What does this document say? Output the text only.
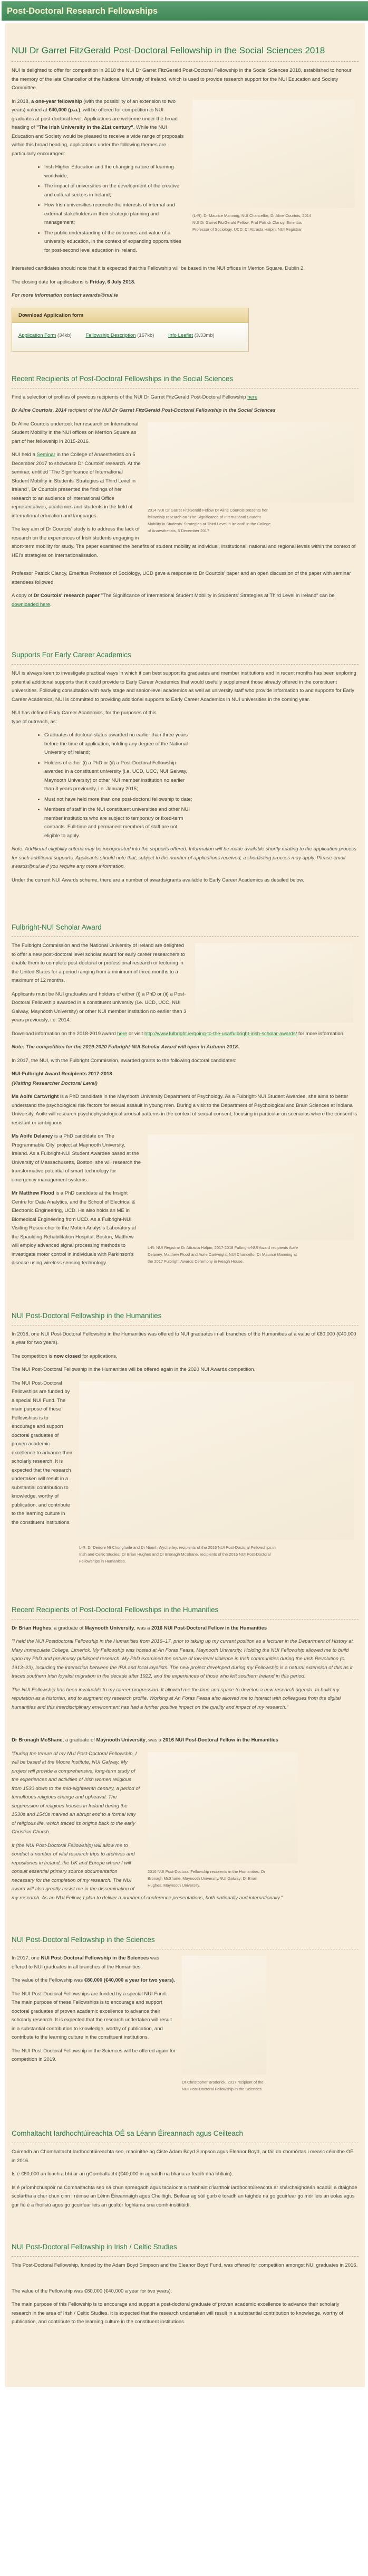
Post-Doctoral Research Fellowships
NUI Dr Garret FitzGerald Post-Doctoral Fellowship in the Social Sciences 2018

NUI is delighted to offer for competition in 2018 the NUI Dr Garret FitzGerald Post-Doctoral Fellowship in the Social Sciences 2018, established to honour the memory of the late Chancellor of the National University of Ireland, which is used to provide research support for the NUI Education and Society Committee.

(L-R): Dr Maurice Manning, NUI Chancellor; Dr Aline Courtois, 2014 NUI Dr Garret FitzGerald Fellow; Prof Patrick Clancy, Emeritus Professor of Sociology, UCD; Dr Attracta Halpin, NUI Registrar

In 2018, a one-year fellowship (with the possibility of an extension to two years) valued at €40,000 (p.a.), will be offered for competition to NUI graduates at post-doctoral level. Applications are welcome under the broad heading of "The Irish University in the 21st century". While the NUI Education and Society would be pleased to receive a wide range of proposals within this broad heading, applications under the following themes are particularly encouraged:

• Irish Higher Education and the changing nature of learning worldwide;
• The impact of universities on the development of the creative and cultural sectors in Ireland;
• How Irish universities reconcile the interests of internal and external stakeholders in their strategic planning and management;
• The public understanding of the outcomes and value of a university education, in the context of expanding opportunities for post-second level education in Ireland.

Interested candidates should note that it is expected that this Fellowship will be based in the NUI offices in Merrion Square, Dublin 2.

The closing date for applications is Friday, 6 July 2018.

For more information contact awards@nui.ie

Download Application form
Application Form (34kb)	Fellowship Description (167kb)	Info Leaflet (3.33mb)
Recent Recipients of Post-Doctoral Fellowships in the Social Sciences

Find a selection of profiles of previous recipients of the NUI Dr Garret FitzGerald Post-Doctoral Fellowship here

Dr Aline Courtois, 2014 recipient of the NUI Dr Garret FitzGerald Post-Doctoral Fellowship in the Social Sciences

2014 NUI Dr Garret FitzGerald Fellow Dr Aline Courtois presents her fellowship research on "The Significance of International Student Mobility in Students' Strategies at Third Level in Ireland" in the College of Anaesthetists, 5 December 2017

Dr Aline Courtois undertook her research on International Student Mobility in the NUI offices on Merrion Square as part of her fellowship in 2015-2016.

NUI held a Seminar in the College of Anaesthetists on 5 December 2017 to showcase Dr Courtois' research. At the seminar, entitled "The Significance of International Student Mobility in Students' Strategies at Third Level in Ireland", Dr Courtois presented the findings of her research to an audience of International Office representatives, academics and students in the field of international education and languages.

The key aim of Dr Courtois' study is to address the lack of research on the experiences of Irish students engaging in short-term mobility for study. The paper examined the benefits of student mobility at individual, institutional, national and regional levels within the context of HEI's strategies on internationalisation.

Professor Patrick Clancy, Emeritus Professor of Sociology, UCD gave a response to Dr Courtois' paper and an open discussion of the paper with seminar attendees followed.

A copy of Dr Courtois' research paper "The Significance of International Student Mobility in Students' Strategies at Third Level in Ireland" can be downloaded here.

Supports For Early Career Academics

NUI is always keen to investigate practical ways in which it can best support its graduates and member institutions and in recent months has been exploring potential additional supports that it could provide to Early Career Academics that would usefully supplement those already offered in the constituent universities. Following consultation with early stage and senior-level academics as well as university staff who provide information to and supports for Early Career Academics, NUI is committed to providing additional supports to Early Career Academics in NUI universities in the coming year.

NUI has defined Early Career Academics, for the purposes of this type of outreach, as:

• Graduates of doctoral status awarded no earlier than three years before the time of application, holding any degree of the National University of Ireland;
• Holders of either (i) a PhD or (ii) a Post-Doctoral Fellowship awarded in a constituent university (i.e. UCD, UCC, NUI Galway, Maynooth University) or other NUI member institution no earlier than 3 years previously, i.e. January 2015;
• Must not have held more than one post-doctoral fellowship to date;
• Members of staff in the NUI constituent universities and other NUI member institutions who are subject to temporary or fixed-term contracts. Full-time and permanent members of staff are not eligible to apply.

Note: Additional eligibility criteria may be incorporated into the supports offered. Information will be made available shortly relating to the application process for such additional supports. Applicants should note that, subject to the number of applications received, a shortlisting process may apply. Please email awards@nui.ie if you require any more information.

Under the current NUI Awards scheme, there are a number of awards/grants available to Early Career Academics as detailed below.

Fulbright-NUI Scholar Award

The Fulbright Commission and the National University of Ireland are delighted to offer a new post-doctoral level scholar award for early career researchers to enable them to complete post-doctoral or professional research or lecturing in the United States for a period ranging from a minimum of three months to a maximum of 12 months.

Applicants must be NUI graduates and holders of either (i) a PhD or (ii) a Post-Doctoral Fellowship awarded in a constituent university (i.e. UCD, UCC, NUI Galway, Maynooth University) or other NUI member institution no earlier than 3 years previously, i.e. 2014.

Download information on the 2018-2019 award here or visit http://www.fulbright.ie/going-to-the-usa/fulbright-irish-scholar-awards/ for more information.

Note: The competition for the 2019-2020 Fulbright-NUI Scholar Award will open in Autumn 2018.

In 2017, the NUI, with the Fulbright Commission, awarded grants to the following doctoral candidates:

NUI-Fulbright Award Recipients 2017-2018

(Visiting Researcher Doctoral Level)

Ms Aoife Cartwright is a PhD candidate in the Maynooth University Department of Psychology. As a Fulbright-NUI Student Awardee, she aims to better understand the psychological risk factors for sexual assault in young men. During a visit to the Department of Psychological and Brain Sciences at Indiana University, Aoife will research psychophysiological arousal patterns in the context of sexual consent, focusing in particular on scenarios where the consent is resistant or ambiguous.

L-R: NUI Registrar Dr Attracta Halpin; 2017-2018 Fulbright-NUI Award recipients Aoife Delaney, Matthew Flood and Aoife Cartwright; NUI Chancellor Dr Maurice Manning at the 2017 Fulbright Awards Ceremony in Iveagh House.

Ms Aoife Delaney is a PhD candidate on 'The Programmable City' project at Maynooth University, Ireland. As a Fulbright-NUI Student Awardee based at the University of Massachusetts, Boston, she will research the transformative potential of smart technology for emergency management systems.

Mr Matthew Flood is a PhD candidate at the Insight Centre for Data Analytics, and the School of Electrical & Electronic Engineering, UCD. He also holds an ME in Biomedical Engineering from UCD. As a Fulbright-NUI Visiting Researcher to the Motion Analysis Laboratory at the Spaulding Rehabilitation Hospital, Boston, Matthew will employ advanced signal processing methods to investigate motor control in individuals with Parkinson's disease using wireless sensing technology.

NUI Post-Doctoral Fellowship in the Humanities

In 2018, one NUI Post-Doctoral Fellowship in the Humanities was offered to NUI graduates in all branches of the Humanities at a value of €80,000 (€40,000 a year for two years).

The competition is now closed for applications.

The NUI Post-Doctoral Fellowship in the Humanities will be offered again in the 2020 NUI Awards competition.

L-R: Dr Deirdre Ní Chonghaile and Dr Niamh Wycherley, recipients of the 2016 NUI Post-Doctoral Fellowships in Irish and Celtic Studies; Dr Brian Hughes and Dr Bronagh McShane, recipients of the 2016 NUI Post-Doctoral Fellowships in Humanities.

The NUI Post-Doctoral Fellowships are funded by a special NUI Fund. The main purpose of these Fellowships is to encourage and support doctoral graduates of proven academic excellence to advance their scholarly research. It is expected that the research undertaken will result in a substantial contribution to knowledge, worthy of publication, and contribute to the learning culture in the constituent institutions.

Recent Recipients of Post-Doctoral Fellowships in the Humanities

Dr Brian Hughes, a graduate of Maynooth University, was a 2016 NUI Post-Doctoral Fellow in the Humanities

"I held the NUI Postdoctoral Fellowship in the Humanities from 2016–17, prior to taking up my current position as a lecturer in the Department of History at Mary Immaculate College, Limerick. My Fellowship was hosted at An Foras Feasa, Maynooth University. Holding the NUI Fellowship allowed me to build upon my PhD and previously published research. My PhD examined the nature of low-level violence in Irish communities during the Irish Revolution (c. 1913–23), including the interaction between the IRA and local loyalists. The new project developed during my Fellowship is a natural extension of this as it traces southern Irish loyalist migration in the decade after 1922, and the experiences of those who left southern Ireland in this period.

The NUI Fellowship has been invaluable to my career progression. It allowed me the time and space to develop a new research agenda, to build my reputation as a historian, and to augment my research profile. Working at An Foras Feasa also allowed me to interact with colleagues from the digital humanities and this interdisciplinary environment has had a further positive impact on the quality and impact of my research."

Dr Bronagh McShane, a graduate of Maynooth University, was a 2016 NUI Post-Doctoral Fellow in the Humanities

2016 NUI Post-Doctoral Fellowship recipients in the Humanities; Dr Bronagh McShane, Maynooth University/NUI Galway; Dr Brian Hughes, Maynooth University.

"During the tenure of my NUI Post-Doctoral Fellowship, I will be based at the Moore Institute, NUI Galway. My project will provide a comprehensive, long-term study of the experiences and activities of Irish women religious from 1530 down to the mid-eighteenth century, a period of tumultuous religious change and upheaval. The suppression of religious houses in Ireland during the 1530s and 1540s marked an abrupt end to a formal way of religious life, which traced its origins back to the early Christian Church.

It (the NUI Post-Doctoral Fellowship) will allow me to conduct a number of vital research trips to archives and repositories in Ireland, the UK and Europe where I will consult essential primary source documentation necessary for the completion of my research. The NUI award will also greatly assist me in the dissemination of my research. As an NUI Fellow, I plan to deliver a number of conference presentations, both nationally and internationally."

NUI Post-Doctoral Fellowship in the Sciences
Dr Christopher Broderick, 2017 recipient of the NUI Post-Doctoral Fellowship in the Sciences.

In 2017, one NUI Post-Doctoral Fellowship in the Sciences was offered to NUI graduates in all branches of the Humanities.

The value of the Fellowship was €80,000 (€40,000 a year for two years).

The NUI Post-Doctoral Fellowships are funded by a special NUI Fund. The main purpose of these Fellowships is to encourage and support doctoral graduates of proven academic excellence to advance their scholarly research. It is expected that the research undertaken will result in a substantial contribution to knowledge, worthy of publication, and contribute to the learning culture in the constituent institutions.

The NUI Post-Doctoral Fellowship in the Sciences will be offered again for competition in 2019.

Comhaltacht Iardhochtúireachta OÉ sa Léann Éireannach agus Ceilteach

Cuireadh an Chomhaltacht Iardhochtúireachta seo, maoinithe ag Ciste Adam Boyd Simpson agus Eleanor Boyd, ar fáil do chomórtas i measc céimithe OÉ in 2016.

Is é €80,000 an luach a bhí ar an gComhaltacht (€40,000 in aghaidh na bliana ar feadh dhá bhliain).

Is é príomhchuspóir na Comhaltachta seo ná chun spreagadh agus tacaíocht a thabhairt d'iarrthóir iardhochtúireachta ar shárchaighdeán acadúil a dtaighde scolártha a chur chun cinn i réimse an Léinn Éireannaigh agus Cheiltigh. Beifear ag súil gurb é toradh an taighde ná go gcuirfear go mór leis an eolas agus gur fiú é a fhoilsiú agus go gcuirfear leis an gcultúr foghlama sna comh-institiúidí.

NUI Post-Doctoral Fellowship in Irish / Celtic Studies

This Post-Doctoral Fellowship, funded by the Adam Boyd Simpson and the Eleanor Boyd Fund, was offered for competition amongst NUI graduates in 2016.

The value of the Fellowship was €80,000 (€40,000 a year for two years).

The main purpose of this Fellowship is to encourage and support a post-doctoral graduate of proven academic excellence to advance their scholarly research in the area of Irish / Celtic Studies. It is expected that the research undertaken will result in a substantial contribution to knowledge, worthy of publication, and contribute to the learning culture in the constituent institutions.
